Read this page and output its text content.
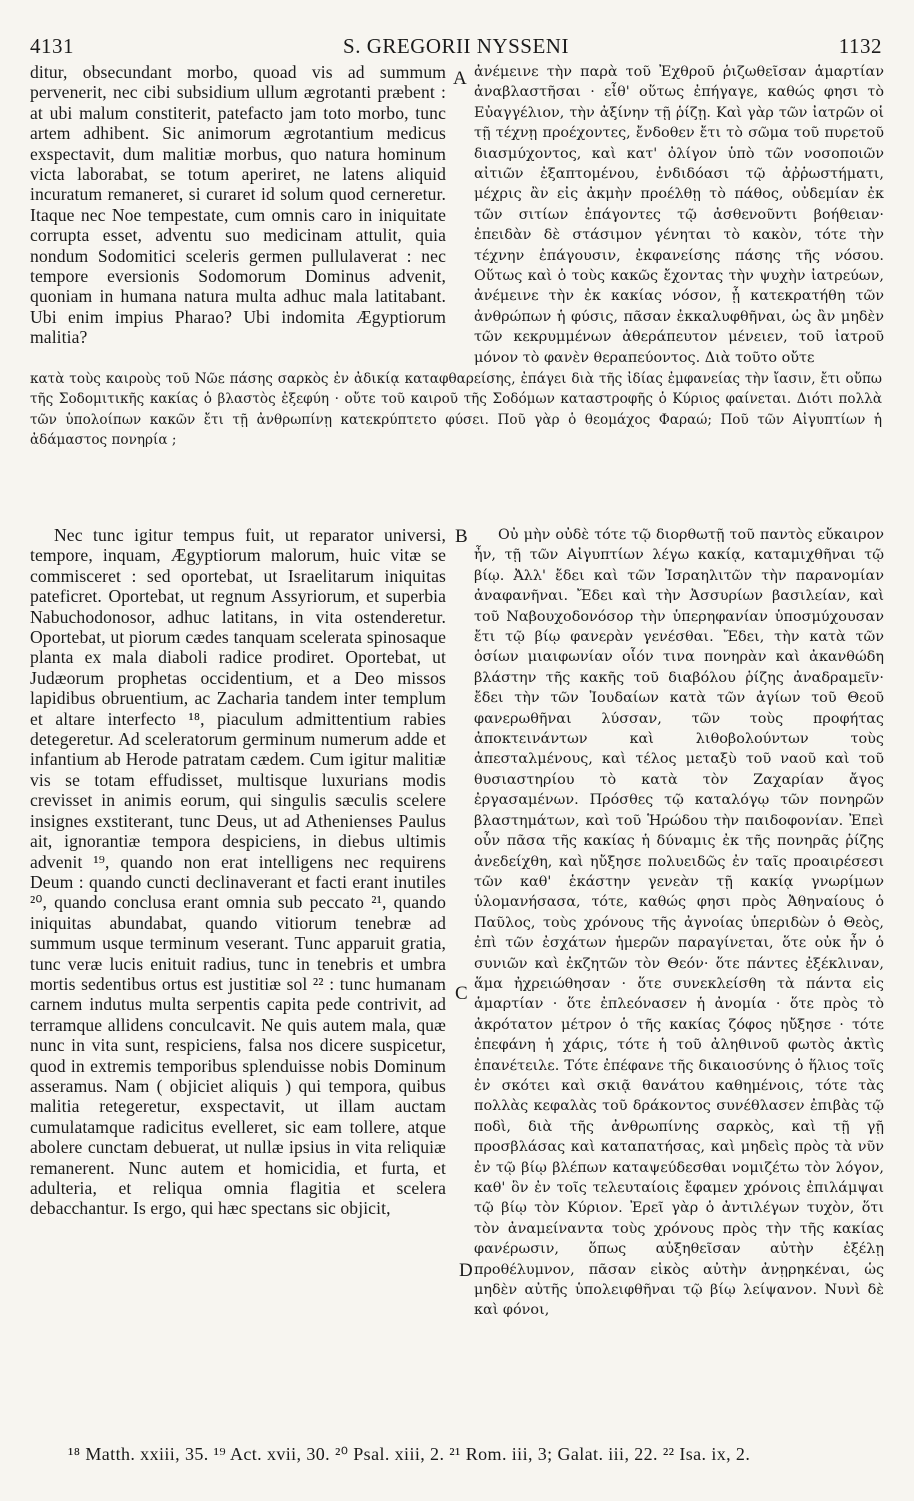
4131	S. GREGORII NYSSENI	1132

ditur, obsecundant morbo, quoad vis ad summum pervenerit, nec cibi subsidium ullum ægrotanti præbent : at ubi malum constiterit, patefacto jam toto morbo, tunc artem adhibent. Sic animorum ægrotantium medicus exspectavit, dum malitiæ morbus, quo natura hominum victa laborabat, se totum aperiret, ne latens aliquid incuratum remaneret, si curaret id solum quod cerneretur. Itaque nec Noe tempestate, cum omnis caro in iniquitate corrupta esset, adventu suo medicinam attulit, quia nondum Sodomitici sceleris germen pullulaverat : nec tempore eversionis Sodomorum Dominus advenit, quoniam in humana natura multa adhuc mala latitabant. Ubi enim impius Pharao? Ubi indomita Ægyptiorum malitia?

ἀνέμεινε τὴν παρὰ τοῦ Ἐχθροῦ ῥιζωθεῖσαν ἁμαρτίαν ἀναβλαστῆσαι · εἶθ' οὕτως ἐπήγαγε, καθώς φησι τὸ Εὐαγγέλιον, τὴν ἀξίνην τῇ ῥίζῃ. Καὶ γὰρ τῶν ἰατρῶν οἱ τῇ τέχνῃ προέχοντες, ἔνδοθεν ἔτι τὸ σῶμα τοῦ πυρετοῦ διασμύχοντος, καὶ κατ' ὀλίγον ὑπὸ τῶν νοσοποιῶν αἰτιῶν ἐξαπτομένου, ἐνδιδόασι τῷ ἀῤῥωστήματι, μέχρις ἂν εἰς ἀκμὴν προέλθῃ τὸ πάθος, οὐδεμίαν ἐκ τῶν σιτίων ἐπάγοντες τῷ ἀσθενοῦντι βοήθειαν· ἐπειδὰν δὲ στάσιμον γένηται τὸ κακὸν, τότε τὴν τέχνην ἐπάγουσιν, ἐκφανείσης πάσης τῆς νόσου. Οὕτως καὶ ὁ τοὺς κακῶς ἔχοντας τὴν ψυχὴν ἰατρεύων, ἀνέμεινε τὴν ἐκ κακίας νόσον, ᾗ κατεκρατήθη τῶν ἀνθρώπων ἡ φύσις, πᾶσαν ἐκκαλυφθῆναι, ὡς ἂν μηδὲν τῶν κεκρυμμένων ἀθεράπευτον μένειεν, τοῦ ἰατροῦ μόνον τὸ φανὲν θεραπεύοντος. Διὰ τοῦτο οὔτε

κατὰ τοὺς καιροὺς τοῦ Νῶε πάσης σαρκὸς ἐν ἀδικίᾳ καταφθαρείσης, ἐπάγει διὰ τῆς ἰδίας ἐμφανείας τὴν ἴασιν, ἔτι οὔπω τῆς Σοδομιτικῆς κακίας ὁ βλαστὸς ἐξεφύη · οὔτε τοῦ καιροῦ τῆς Σοδόμων καταστροφῆς ὁ Κύριος φαίνεται. Διότι πολλὰ τῶν ὑπολοίπων κακῶν ἔτι τῇ ἀνθρωπίνῃ κατεκρύπτετο φύσει. Ποῦ γὰρ ὁ θεομάχος Φαραώ; Ποῦ τῶν Αἰγυπτίων ἡ ἀδάμαστος πονηρία ;

Nec tunc igitur tempus fuit, ut reparator universi, tempore, inquam, Ægyptiorum malorum, huic vitæ se commisceret : sed oportebat, ut Israelitarum iniquitas pateficret. Oportebat, ut regnum Assyriorum, et superbia Nabuchodonosor, adhuc latitans, in vita ostenderetur. Oportebat, ut piorum cædes tanquam scelerata spinosaque planta ex mala diaboli radice prodiret. Oportebat, ut Judæorum prophetas occidentium, et a Deo missos lapidibus obruentium, ac Zacharia tandem inter templum et altare interfecto ¹⁸, piaculum admittentium rabies detegeretur. Ad sceleratorum germinum numerum adde et infantium ab Herode patratam cædem. Cum igitur malitiæ vis se totam effudisset, multisque luxurians modis crevisset in animis eorum, qui singulis sæculis scelere insignes exstiterant, tunc Deus, ut ad Athenienses Paulus ait, ignorantiæ tempora despiciens, in diebus ultimis advenit ¹⁹, quando non erat intelligens nec requirens Deum : quando cuncti declinaverant et facti erant inutiles ²⁰, quando conclusa erant omnia sub peccato ²¹, quando iniquitas abundabat, quando vitiorum tenebræ ad summum usque terminum veserant. Tunc apparuit gratia, tunc veræ lucis enituit radius, tunc in tenebris et umbra mortis sedentibus ortus est justitiæ sol ²² : tunc humanam carnem indutus multa serpentis capita pede contrivit, ad terramque allidens conculcavit. Ne quis autem mala, quæ nunc in vita sunt, respiciens, falsa nos dicere suspicetur, quod in extremis temporibus splenduisse nobis Dominum asseramus. Nam ( objiciet aliquis ) qui tempora, quibus malitia retegeretur, exspectavit, ut illam auctam cumulatamque radicitus evelleret, sic eam tollere, atque abolere cunctam debuerat, ut nullæ ipsius in vita reliquiæ remanerent. Nunc autem et homicidia, et furta, et adulteria, et reliqua omnia flagitia et scelera debacchantur. Is ergo, qui hæc spectans sic objicit,

Οὐ μὴν οὐδὲ τότε τῷ διορθωτῇ τοῦ παντὸς εὔκαιρον ἦν, τῇ τῶν Αἰγυπτίων λέγω κακίᾳ, καταμιχθῆναι τῷ βίῳ. Ἀλλ' ἔδει καὶ τῶν Ἰσραηλιτῶν τὴν παρανομίαν ἀναφανῆναι. Ἔδει καὶ τὴν Ἀσσυρίων βασιλείαν, καὶ τοῦ Ναβουχοδονόσορ τὴν ὑπερηφανίαν ὑποσμύχουσαν ἔτι τῷ βίῳ φανερὰν γενέσθαι. Ἔδει, τὴν κατὰ τῶν ὁσίων μιαιφωνίαν οἷόν τινα πονηρὰν καὶ ἀκανθώδη βλάστην τῆς κακῆς τοῦ διαβόλου ῥίζης ἀναδραμεῖν· ἔδει τὴν τῶν Ἰουδαίων κατὰ τῶν ἁγίων τοῦ Θεοῦ φανερωθῆναι λύσσαν, τῶν τοὺς προφήτας ἀποκτεινάντων καὶ λιθοβολούντων τοὺς ἀπεσταλμένους, καὶ τέλος μεταξὺ τοῦ ναοῦ καὶ τοῦ θυσιαστηρίου τὸ κατὰ τὸν Ζαχαρίαν ἄγος ἐργασαμένων. Πρόσθες τῷ καταλόγῳ τῶν πονηρῶν βλαστημάτων, καὶ τοῦ Ἡρώδου τὴν παιδοφονίαν. Ἐπεὶ οὖν πᾶσα τῆς κακίας ἡ δύναμις ἐκ τῆς πονηρᾶς ῥίζης ἀνεδείχθη, καὶ ηὔξησε πολυειδῶς ἐν ταῖς προαιρέσεσι τῶν καθ' ἑκάστην γενεὰν τῇ κακίᾳ γνωρίμων ὑλομανήσασα, τότε, καθώς φησι πρὸς Ἀθηναίους ὁ Παῦλος, τοὺς χρόνους τῆς ἀγνοίας ὑπεριδὼν ὁ Θεὸς, ἐπὶ τῶν ἐσχάτων ἡμερῶν παραγίνεται, ὅτε οὐκ ἦν ὁ συνιῶν καὶ ἐκζητῶν τὸν Θεόν· ὅτε πάντες ἐξέκλιναν, ἅμα ἠχρειώθησαν · ὅτε συνεκλείσθη τὰ πάντα εἰς ἁμαρτίαν · ὅτε ἐπλεόνασεν ἡ ἀνομία · ὅτε πρὸς τὸ ἀκρότατον μέτρον ὁ τῆς κακίας ζόφος ηὔξησε · τότε ἐπεφάνη ἡ χάρις, τότε ἡ τοῦ ἀληθινοῦ φωτὸς ἀκτὶς ἐπανέτειλε. Τότε ἐπέφανε τῆς δικαιοσύνης ὁ ἥλιος τοῖς ἐν σκότει καὶ σκιᾷ θανάτου καθημένοις, τότε τὰς πολλὰς κεφαλὰς τοῦ δράκοντος συνέθλασεν ἐπιβὰς τῷ ποδὶ, διὰ τῆς ἀνθρωπίνης σαρκὸς, καὶ τῇ γῇ προσβλάσας καὶ καταπατήσας, καὶ μηδεὶς πρὸς τὰ νῦν ἐν τῷ βίῳ βλέπων καταψεύδεσθαι νομιζέτω τὸν λόγον, καθ' ὃν ἐν τοῖς τελευταίοις ἔφαμεν χρόνοις ἐπιλάμψαι τῷ βίῳ τὸν Κύριον. Ἐρεῖ γὰρ ὁ ἀντιλέγων τυχὸν, ὅτι τὸν ἀναμείναντα τοὺς χρόνους πρὸς τὴν τῆς κακίας φανέρωσιν, ὅπως αὐξηθεῖσαν αὐτὴν ἐξέλῃ προθέλυμνον, πᾶσαν εἰκὸς αὐτὴν ἀνῃρηκέναι, ὡς μηδὲν αὐτῆς ὑπολειφθῆναι τῷ βίῳ λείψανον. Νυνὶ δὲ καὶ φόνοι,

A
B
C
D
¹⁸ Matth. xxiii, 35. ¹⁹ Act. xvii, 30. ²⁰ Psal. xiii, 2. ²¹ Rom. iii, 3; Galat. iii, 22. ²² Isa. ix, 2.
